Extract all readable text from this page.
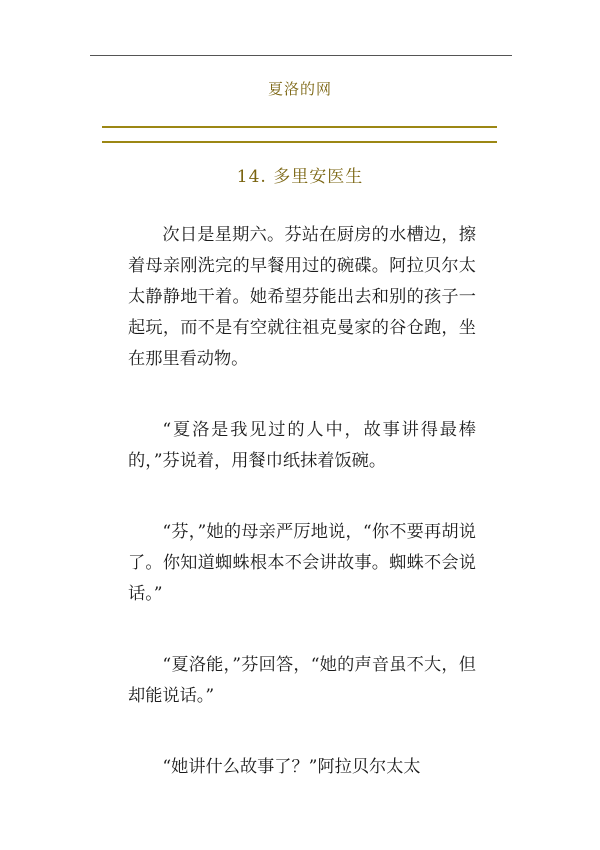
夏洛的网
14. 多里安医生

次日是星期六。芬站在厨房的水槽边，擦着母亲刚洗完的早餐用过的碗碟。阿拉贝尔太太静静地干着。她希望芬能出去和别的孩子一起玩，而不是有空就往祖克曼家的谷仓跑，坐在那里看动物。

“夏洛是我见过的人中，故事讲得最棒的，”芬说着，用餐巾纸抹着饭碗。

“芬，”她的母亲严厉地说，“你不要再胡说了。你知道蜘蛛根本不会讲故事。蜘蛛不会说话。”

“夏洛能，”芬回答，“她的声音虽不大，但却能说话。”

“她讲什么故事了？”阿拉贝尔太太
